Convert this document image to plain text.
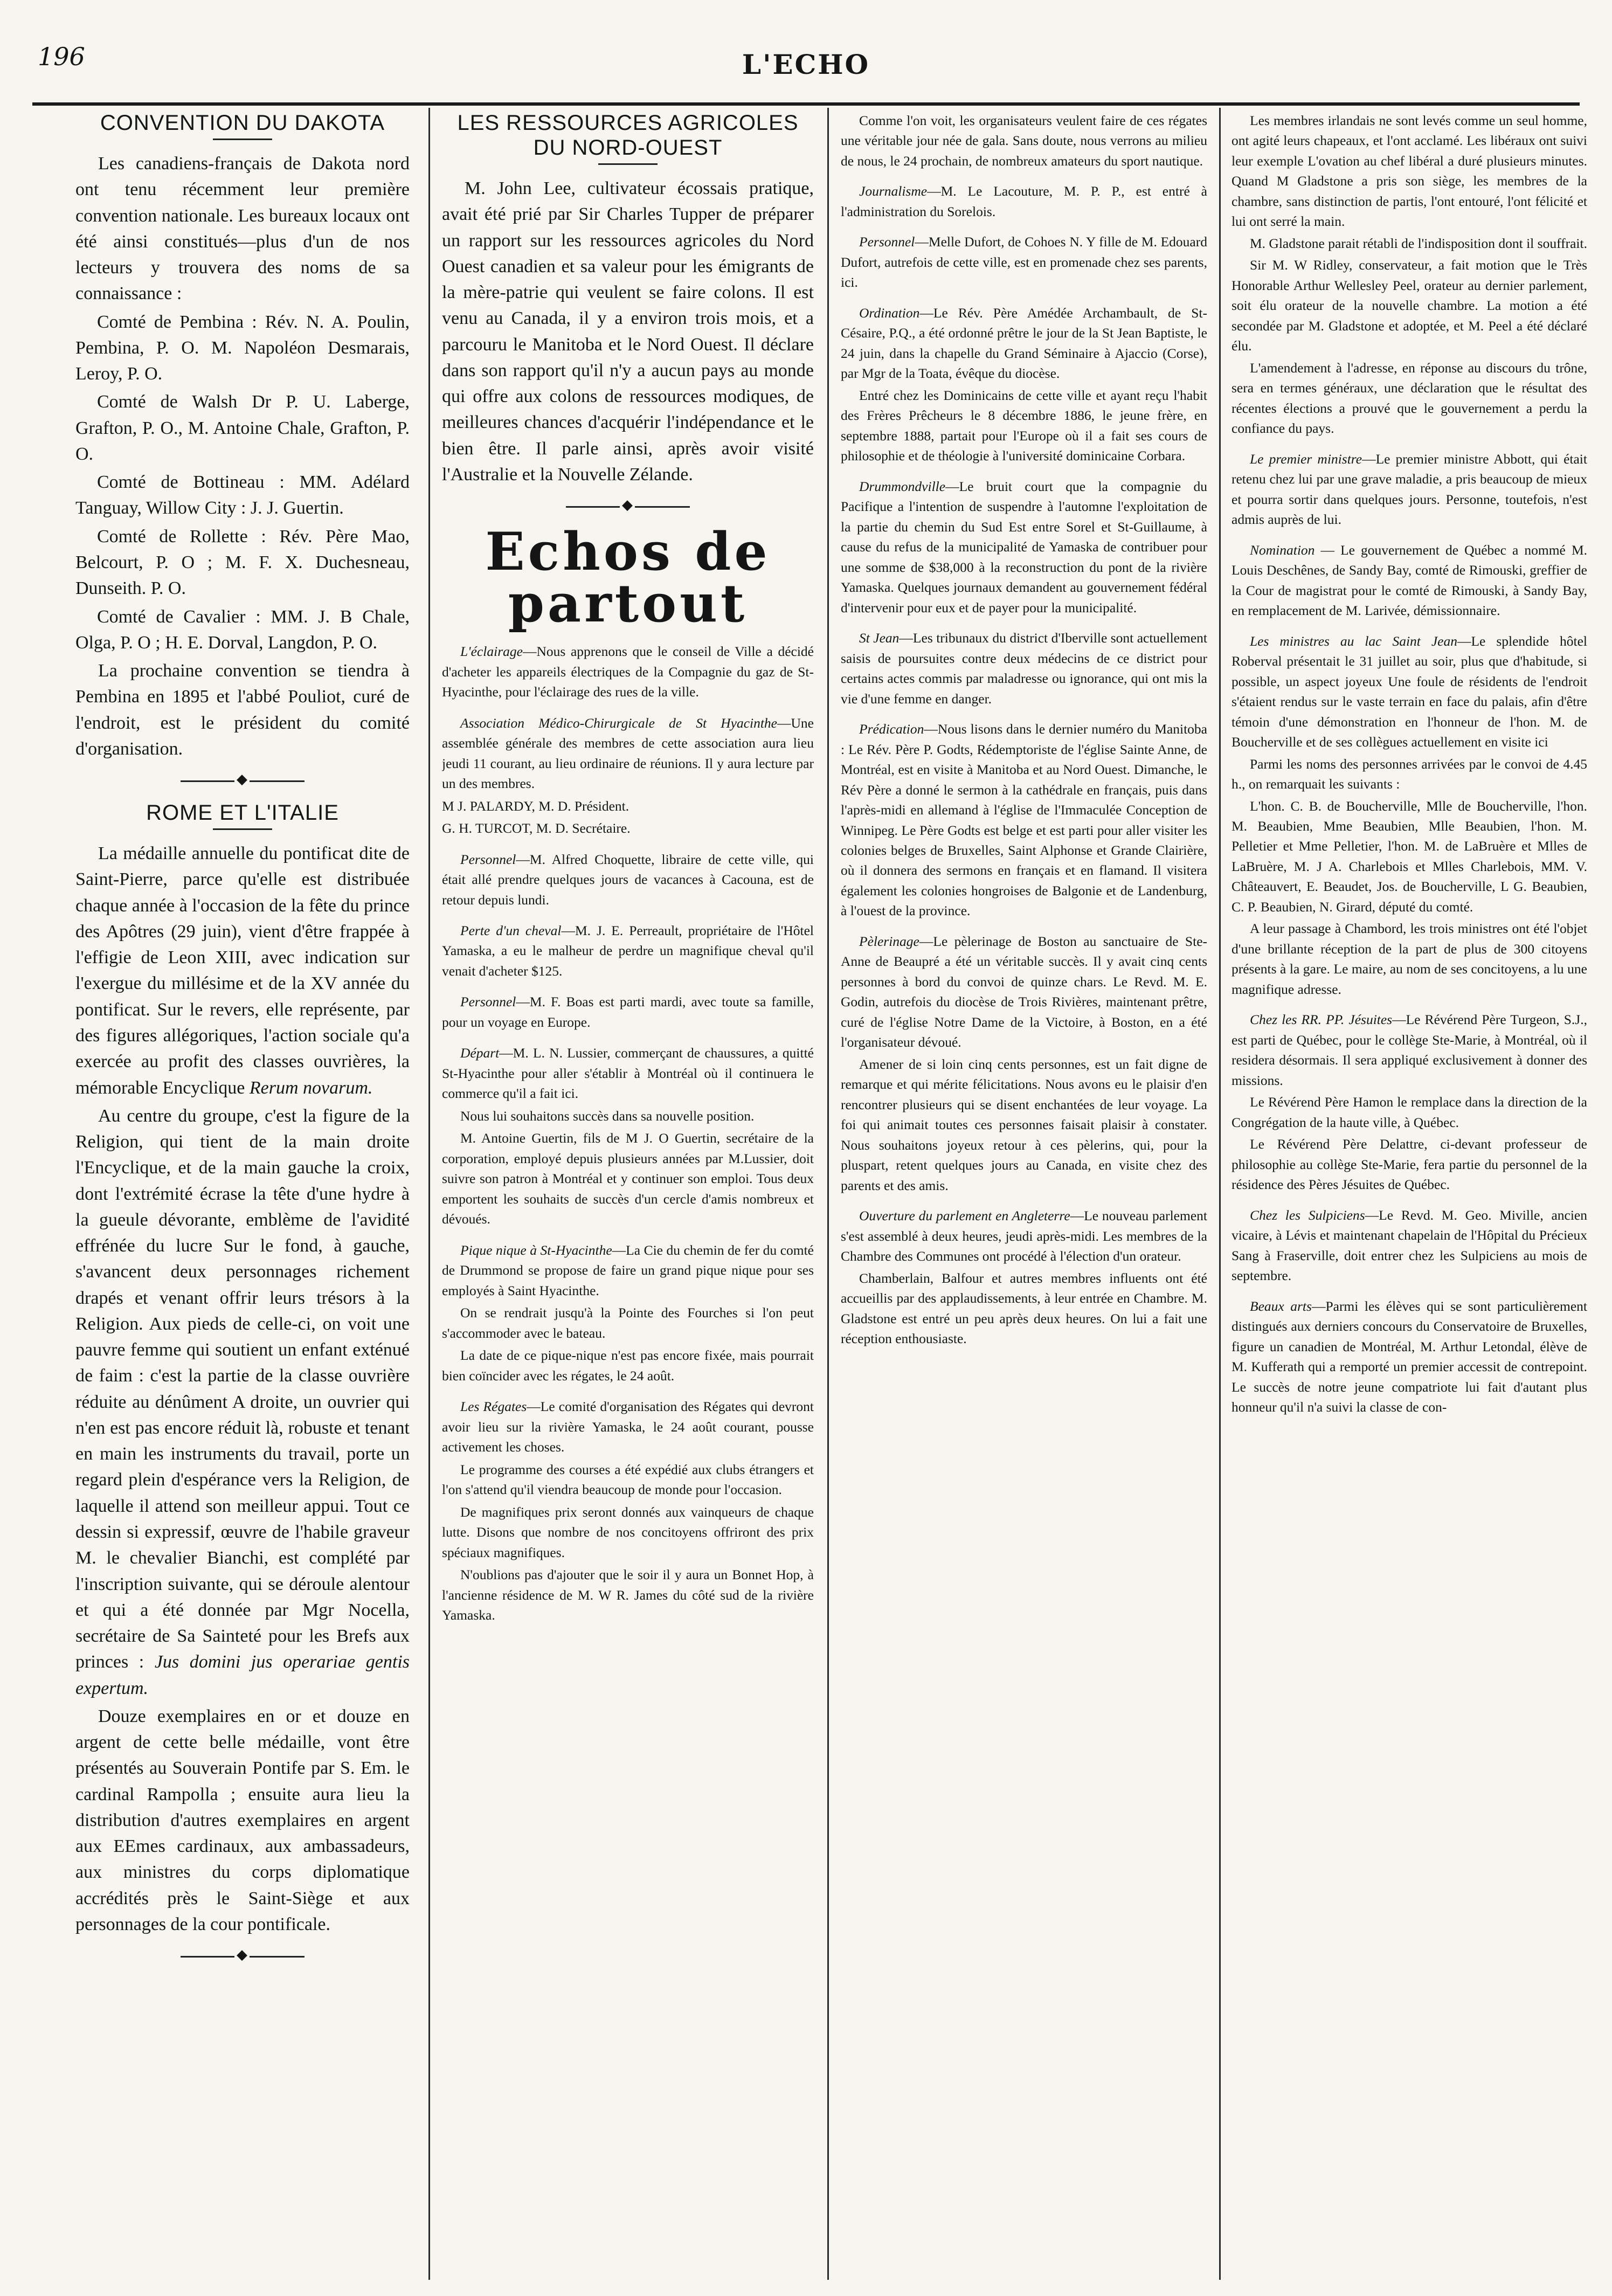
196	L'ECHO
CONVENTION DU DAKOTA

Les canadiens-français de Dakota nord ont tenu récemment leur première convention nationale. Les bureaux locaux ont été ainsi constitués—plus d'un de nos lecteurs y trouvera des noms de sa connaissance :

Comté de Pembina : Rév. N. A. Poulin, Pembina, P. O. M. Napoléon Desmarais, Leroy, P. O.

Comté de Walsh Dr P. U. Laberge, Grafton, P. O., M. Antoine Chale, Grafton, P. O.

Comté de Bottineau : MM. Adélard Tanguay, Willow City : J. J. Guertin.

Comté de Rollette : Rév. Père Mao, Belcourt, P. O ; M. F. X. Duchesneau, Dunseith. P. O.

Comté de Cavalier : MM. J. B Chale, Olga, P. O ; H. E. Dorval, Langdon, P. O.

La prochaine convention se tiendra à Pembina en 1895 et l'abbé Pouliot, curé de l'endroit, est le président du comité d'organisation.

◆
ROME ET L'ITALIE

La médaille annuelle du pontificat dite de Saint-Pierre, parce qu'elle est distribuée chaque année à l'occasion de la fête du prince des Apôtres (29 juin), vient d'être frappée à l'effigie de Leon XIII, avec indication sur l'exergue du millésime et de la XV année du pontificat. Sur le revers, elle représente, par des figures allégoriques, l'action sociale qu'a exercée au profit des classes ouvrières, la mémorable Encyclique Rerum novarum.

Au centre du groupe, c'est la figure de la Religion, qui tient de la main droite l'Encyclique, et de la main gauche la croix, dont l'extrémité écrase la tête d'une hydre à la gueule dévorante, emblème de l'avidité effrénée du lucre Sur le fond, à gauche, s'avancent deux personnages richement drapés et venant offrir leurs trésors à la Religion. Aux pieds de celle-ci, on voit une pauvre femme qui soutient un enfant exténué de faim : c'est la partie de la classe ouvrière réduite au dénûment A droite, un ouvrier qui n'en est pas encore réduit là, robuste et tenant en main les instruments du travail, porte un regard plein d'espérance vers la Religion, de laquelle il attend son meilleur appui. Tout ce dessin si expressif, œuvre de l'habile graveur M. le chevalier Bianchi, est complété par l'inscription suivante, qui se déroule alentour et qui a été donnée par Mgr Nocella, secrétaire de Sa Sainteté pour les Brefs aux princes : Jus domini jus operariae gentis expertum.

Douze exemplaires en or et douze en argent de cette belle médaille, vont être présentés au Souverain Pontife par S. Em. le cardinal Rampolla ; ensuite aura lieu la distribution d'autres exemplaires en argent aux EEmes cardinaux, aux ambassadeurs, aux ministres du corps diplomatique accrédités près le Saint-Siège et aux personnages de la cour pontificale.

◆
LES RESSOURCES AGRICOLES DU NORD-OUEST

M. John Lee, cultivateur écossais pratique, avait été prié par Sir Charles Tupper de préparer un rapport sur les ressources agricoles du Nord Ouest canadien et sa valeur pour les émigrants de la mère-patrie qui veulent se faire colons. Il est venu au Canada, il y a environ trois mois, et a parcouru le Manitoba et le Nord Ouest. Il déclare dans son rapport qu'il n'y a aucun pays au monde qui offre aux colons de ressources modiques, de meilleures chances d'acquérir l'indépendance et le bien être. Il parle ainsi, après avoir visité l'Australie et la Nouvelle Zélande.

◆
Echos de partout

L'éclairage—Nous apprenons que le conseil de Ville a décidé d'acheter les appareils électriques de la Compagnie du gaz de St-Hyacinthe, pour l'éclairage des rues de la ville.

Association Médico-Chirurgicale de St Hyacinthe—Une assemblée générale des membres de cette association aura lieu jeudi 11 courant, au lieu ordinaire de réunions. Il y aura lecture par un des membres.

M J. PALARDY, M. D. Président.

G. H. TURCOT, M. D. Secrétaire.

Personnel—M. Alfred Choquette, libraire de cette ville, qui était allé prendre quelques jours de vacances à Cacouna, est de retour depuis lundi.

Perte d'un cheval—M. J. E. Perreault, propriétaire de l'Hôtel Yamaska, a eu le malheur de perdre un magnifique cheval qu'il venait d'acheter $125.

Personnel—M. F. Boas est parti mardi, avec toute sa famille, pour un voyage en Europe.

Départ—M. L. N. Lussier, commerçant de chaussures, a quitté St-Hyacinthe pour aller s'établir à Montréal où il continuera le commerce qu'il a fait ici.

Nous lui souhaitons succès dans sa nouvelle position.

M. Antoine Guertin, fils de M J. O Guertin, secrétaire de la corporation, employé depuis plusieurs années par M.Lussier, doit suivre son patron à Montréal et y continuer son emploi. Tous deux emportent les souhaits de succès d'un cercle d'amis nombreux et dévoués.

Pique nique à St-Hyacinthe—La Cie du chemin de fer du comté de Drummond se propose de faire un grand pique nique pour ses employés à Saint Hyacinthe.

On se rendrait jusqu'à la Pointe des Fourches si l'on peut s'accommoder avec le bateau.

La date de ce pique-nique n'est pas encore fixée, mais pourrait bien coïncider avec les régates, le 24 août.

Les Régates—Le comité d'organisation des Régates qui devront avoir lieu sur la rivière Yamaska, le 24 août courant, pousse activement les choses.

Le programme des courses a été expédié aux clubs étrangers et l'on s'attend qu'il viendra beaucoup de monde pour l'occasion.

De magnifiques prix seront donnés aux vainqueurs de chaque lutte. Disons que nombre de nos concitoyens offriront des prix spéciaux magnifiques.

N'oublions pas d'ajouter que le soir il y aura un Bonnet Hop, à l'ancienne résidence de M. W R. James du côté sud de la rivière Yamaska.

Comme l'on voit, les organisateurs veulent faire de ces régates une véritable jour née de gala. Sans doute, nous verrons au milieu de nous, le 24 prochain, de nombreux amateurs du sport nautique.

Journalisme—M. Le Lacouture, M. P. P., est entré à l'administration du Sorelois.

Personnel—Melle Dufort, de Cohoes N. Y fille de M. Edouard Dufort, autrefois de cette ville, est en promenade chez ses parents, ici.

Ordination—Le Rév. Père Amédée Archambault, de St-Césaire, P.Q., a été ordonné prêtre le jour de la St Jean Baptiste, le 24 juin, dans la chapelle du Grand Séminaire à Ajaccio (Corse), par Mgr de la Toata, évêque du diocèse.

Entré chez les Dominicains de cette ville et ayant reçu l'habit des Frères Prêcheurs le 8 décembre 1886, le jeune frère, en septembre 1888, partait pour l'Europe où il a fait ses cours de philosophie et de théologie à l'université dominicaine Corbara.

Drummondville—Le bruit court que la compagnie du Pacifique a l'intention de suspendre à l'automne l'exploitation de la partie du chemin du Sud Est entre Sorel et St-Guillaume, à cause du refus de la municipalité de Yamaska de contribuer pour une somme de $38,000 à la reconstruction du pont de la rivière Yamaska. Quelques journaux demandent au gouvernement fédéral d'intervenir pour eux et de payer pour la municipalité.

St Jean—Les tribunaux du district d'Iberville sont actuellement saisis de poursuites contre deux médecins de ce district pour certains actes commis par maladresse ou ignorance, qui ont mis la vie d'une femme en danger.

Prédication—Nous lisons dans le dernier numéro du Manitoba : Le Rév. Père P. Godts, Rédemptoriste de l'église Sainte Anne, de Montréal, est en visite à Manitoba et au Nord Ouest. Dimanche, le Rév Père a donné le sermon à la cathédrale en français, puis dans l'après-midi en allemand à l'église de l'Immaculée Conception de Winnipeg. Le Père Godts est belge et est parti pour aller visiter les colonies belges de Bruxelles, Saint Alphonse et Grande Clairière, où il donnera des sermons en français et en flamand. Il visitera également les colonies hongroises de Balgonie et de Landenburg, à l'ouest de la province.

Pèlerinage—Le pèlerinage de Boston au sanctuaire de Ste- Anne de Beaupré a été un véritable succès. Il y avait cinq cents personnes à bord du convoi de quinze chars. Le Revd. M. E. Godin, autrefois du diocèse de Trois Rivières, maintenant prêtre, curé de l'église Notre Dame de la Victoire, à Boston, en a été l'organisateur dévoué.

Amener de si loin cinq cents personnes, est un fait digne de remarque et qui mérite félicitations. Nous avons eu le plaisir d'en rencontrer plusieurs qui se disent enchantées de leur voyage. La foi qui animait toutes ces personnes faisait plaisir à constater. Nous souhaitons joyeux retour à ces pèlerins, qui, pour la pluspart, retent quelques jours au Canada, en visite chez des parents et des amis.

Ouverture du parlement en Angleterre—Le nouveau parlement s'est assemblé à deux heures, jeudi après-midi. Les membres de la Chambre des Communes ont procédé à l'élection d'un orateur.

Chamberlain, Balfour et autres membres influents ont été accueillis par des applaudissements, à leur entrée en Chambre. M. Gladstone est entré un peu après deux heures. On lui a fait une réception enthousiaste.

Les membres irlandais ne sont levés comme un seul homme, ont agité leurs chapeaux, et l'ont acclamé. Les libéraux ont suivi leur exemple L'ovation au chef libéral a duré plusieurs minutes. Quand M Gladstone a pris son siège, les membres de la chambre, sans distinction de partis, l'ont entouré, l'ont félicité et lui ont serré la main.

M. Gladstone parait rétabli de l'indisposition dont il souffrait.

Sir M. W Ridley, conservateur, a fait motion que le Très Honorable Arthur Wellesley Peel, orateur au dernier parlement, soit élu orateur de la nouvelle chambre. La motion a été secondée par M. Gladstone et adoptée, et M. Peel a été déclaré élu.

L'amendement à l'adresse, en réponse au discours du trône, sera en termes généraux, une déclaration que le résultat des récentes élections a prouvé que le gouvernement a perdu la confiance du pays.

Le premier ministre—Le premier ministre Abbott, qui était retenu chez lui par une grave maladie, a pris beaucoup de mieux et pourra sortir dans quelques jours. Personne, toutefois, n'est admis auprès de lui.

Nomination — Le gouvernement de Québec a nommé M. Louis Deschênes, de Sandy Bay, comté de Rimouski, greffier de la Cour de magistrat pour le comté de Rimouski, à Sandy Bay, en remplacement de M. Larivée, démissionnaire.

Les ministres au lac Saint Jean—Le splendide hôtel Roberval présentait le 31 juillet au soir, plus que d'habitude, si possible, un aspect joyeux Une foule de résidents de l'endroit s'étaient rendus sur le vaste terrain en face du palais, afin d'être témoin d'une démonstration en l'honneur de l'hon. M. de Boucherville et de ses collègues actuellement en visite ici

Parmi les noms des personnes arrivées par le convoi de 4.45 h., on remarquait les suivants :

L'hon. C. B. de Boucherville, Mlle de Boucherville, l'hon. M. Beaubien, Mme Beaubien, Mlle Beaubien, l'hon. M. Pelletier et Mme Pelletier, l'hon. M. de LaBruère et Mlles de LaBruère, M. J A. Charlebois et Mlles Charlebois, MM. V. Châteauvert, E. Beaudet, Jos. de Boucherville, L G. Beaubien, C. P. Beaubien, N. Girard, député du comté.

A leur passage à Chambord, les trois ministres ont été l'objet d'une brillante réception de la part de plus de 300 citoyens présents à la gare. Le maire, au nom de ses concitoyens, a lu une magnifique adresse.

Chez les RR. PP. Jésuites—Le Révérend Père Turgeon, S.J., est parti de Québec, pour le collège Ste-Marie, à Montréal, où il residera désormais. Il sera appliqué exclusivement à donner des missions.

Le Révérend Père Hamon le remplace dans la direction de la Congrégation de la haute ville, à Québec.

Le Révérend Père Delattre, ci-devant professeur de philosophie au collège Ste-Marie, fera partie du personnel de la résidence des Pères Jésuites de Québec.

Chez les Sulpiciens—Le Revd. M. Geo. Miville, ancien vicaire, à Lévis et maintenant chapelain de l'Hôpital du Précieux Sang à Fraserville, doit entrer chez les Sulpiciens au mois de septembre.

Beaux arts—Parmi les élèves qui se sont particulièrement distingués aux derniers concours du Conservatoire de Bruxelles, figure un canadien de Montréal, M. Arthur Letondal, élève de M. Kufferath qui a remporté un premier accessit de contrepoint. Le succès de notre jeune compatriote lui fait d'autant plus honneur qu'il n'a suivi la classe de con-
